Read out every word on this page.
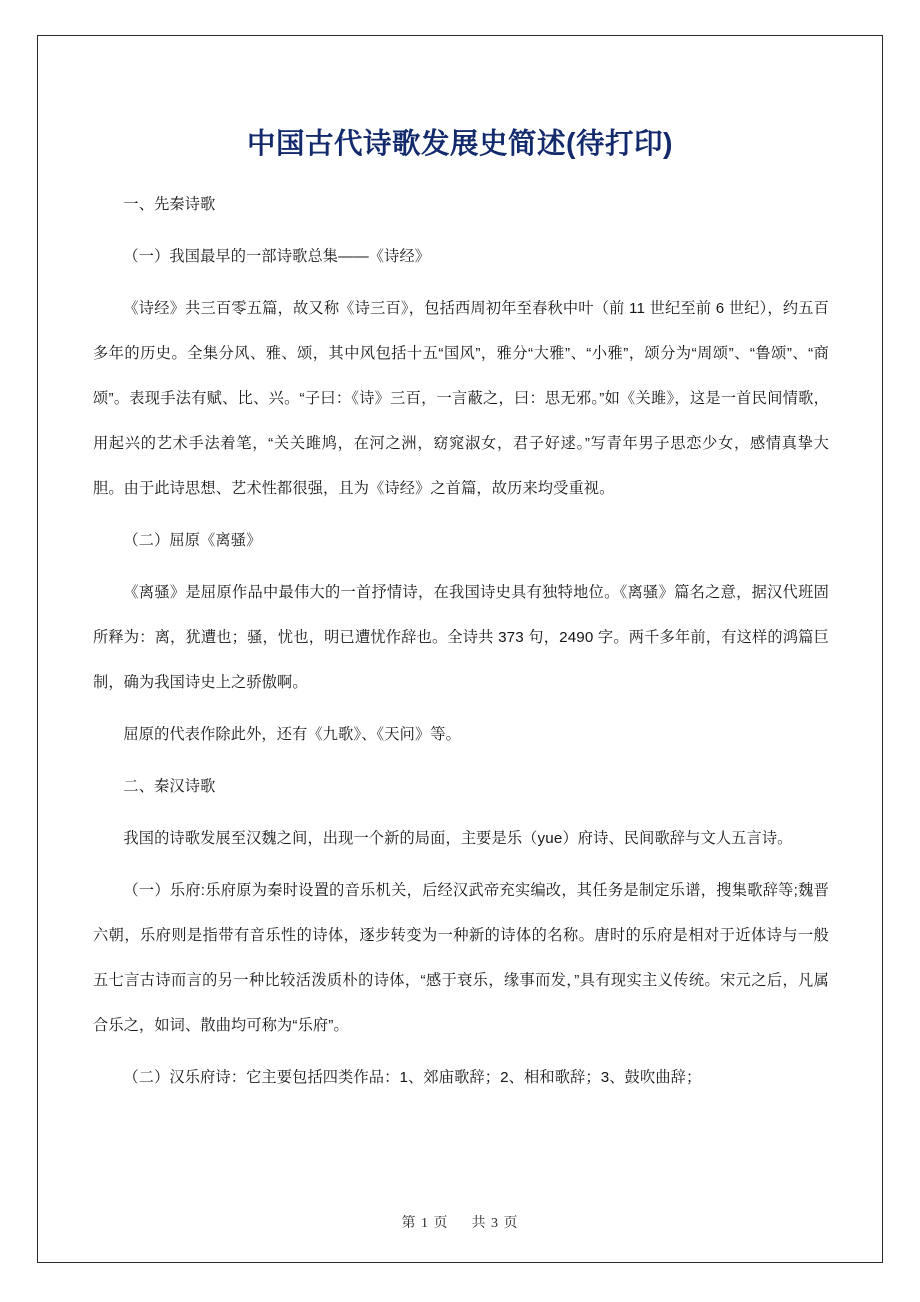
中国古代诗歌发展史简述(待打印)

一、先秦诗歌

（一）我国最早的一部诗歌总集——《诗经》

《诗经》共三百零五篇，故又称《诗三百》，包括西周初年至春秋中叶（前 11 世纪至前 6 世纪），约五百多年的历史。全集分风、雅、颂，其中风包括十五“国风”，雅分“大雅”、“小雅”，颂分为“周颂”、“鲁颂”、“商颂”。表现手法有赋、比、兴。“子曰：《诗》三百，一言蔽之，曰：思无邪。”如《关雎》，这是一首民间情歌，用起兴的艺术手法着笔，“关关雎鸠，在河之洲，窈窕淑女，君子好逑。”写青年男子思恋少女，感情真挚大胆。由于此诗思想、艺术性都很强，且为《诗经》之首篇，故历来均受重视。

（二）屈原《离骚》

《离骚》是屈原作品中最伟大的一首抒情诗，在我国诗史具有独特地位。《离骚》篇名之意，据汉代班固所释为：离，犹遭也；骚，忧也，明已遭忧作辞也。全诗共 373 句，2490 字。两千多年前，有这样的鸿篇巨制，确为我国诗史上之骄傲啊。

屈原的代表作除此外，还有《九歌》、《天问》等。

二、秦汉诗歌

我国的诗歌发展至汉魏之间，出现一个新的局面，主要是乐（yue）府诗、民间歌辞与文人五言诗。

（一）乐府:乐府原为秦时设置的音乐机关，后经汉武帝充实编改，其任务是制定乐谱，搜集歌辞等;魏晋六朝，乐府则是指带有音乐性的诗体，逐步转变为一种新的诗体的名称。唐时的乐府是相对于近体诗与一般五七言古诗而言的另一种比较活泼质朴的诗体，“感于衰乐，缘事而发，”具有现实主义传统。宋元之后，凡属合乐之，如词、散曲均可称为“乐府”。

（二）汉乐府诗：它主要包括四类作品：1、郊庙歌辞；2、相和歌辞；3、鼓吹曲辞；

第 1 页 共 3 页
